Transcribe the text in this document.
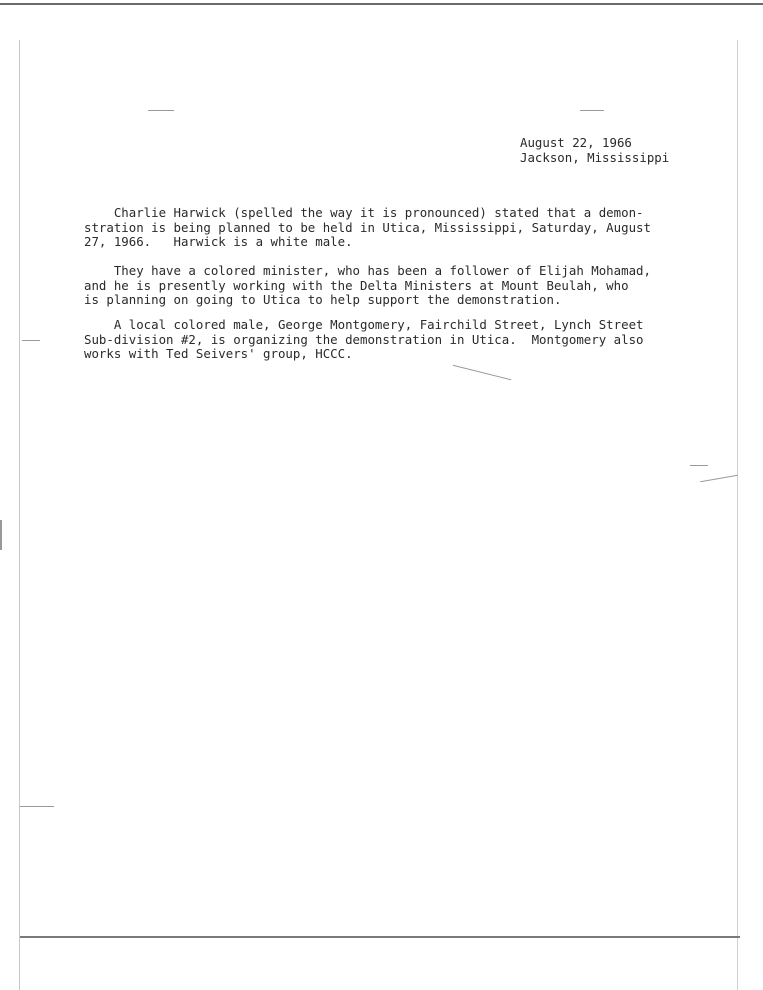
August 22, 1966
Jackson, Mississippi
Charlie Harwick (spelled the way it is pronounced) stated that a demon-
stration is being planned to be held in Utica, Mississippi, Saturday, August
27, 1966.   Harwick is a white male.
They have a colored minister, who has been a follower of Elijah Mohamad,
and he is presently working with the Delta Ministers at Mount Beulah, who
is planning on going to Utica to help support the demonstration.
A local colored male, George Montgomery, Fairchild Street, Lynch Street
Sub-division #2, is organizing the demonstration in Utica.  Montgomery also
works with Ted Seivers' group, HCCC.
